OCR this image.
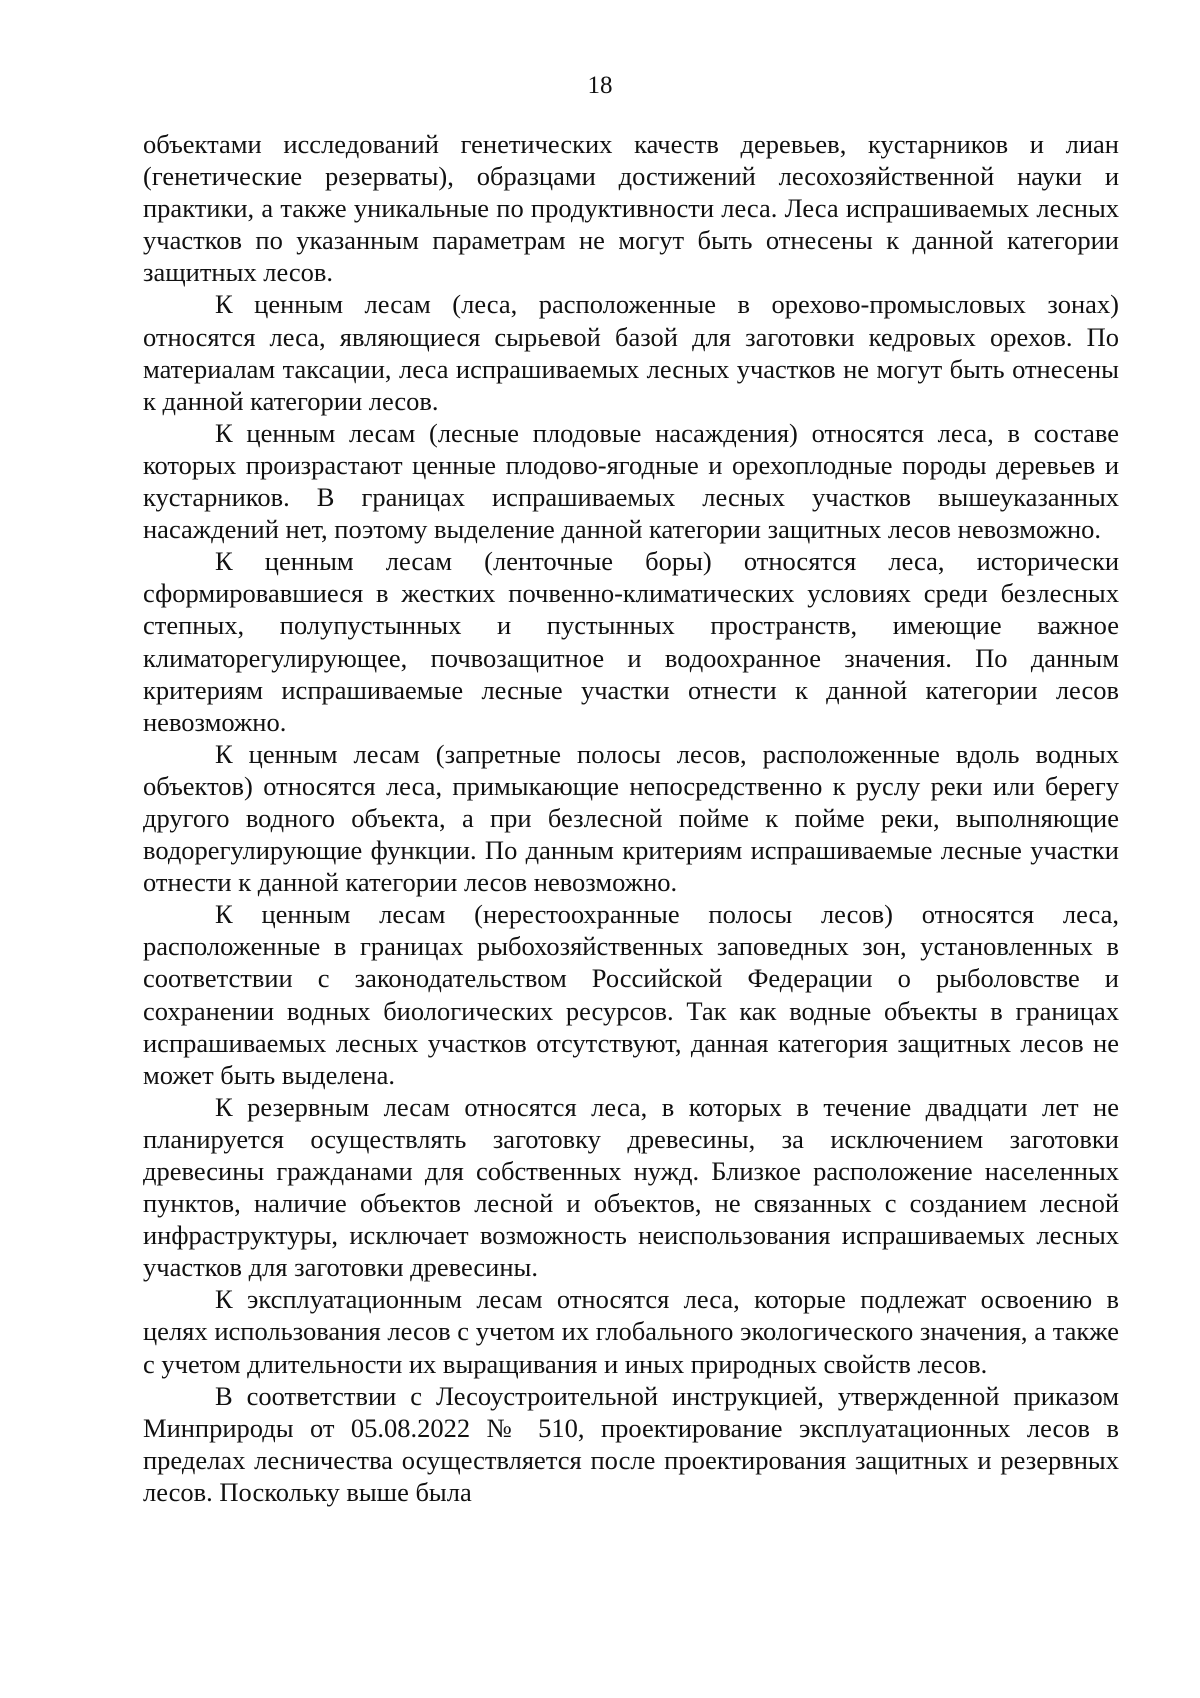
18

объектами исследований генетических качеств деревьев, кустарников и лиан (генетические резерваты), образцами достижений лесохозяйственной науки и практики, а также уникальные по продуктивности леса. Леса испрашиваемых лесных участков по указанным параметрам не могут быть отнесены к данной категории защитных лесов.

К ценным лесам (леса, расположенные в орехово-промысловых зонах) относятся леса, являющиеся сырьевой базой для заготовки кедровых орехов. По материалам таксации, леса испрашиваемых лесных участков не могут быть отнесены к данной категории лесов.

К ценным лесам (лесные плодовые насаждения) относятся леса, в составе которых произрастают ценные плодово-ягодные и орехоплодные породы деревьев и кустарников. В границах испрашиваемых лесных участков вышеуказанных насаждений нет, поэтому выделение данной категории защитных лесов невозможно.

К ценным лесам (ленточные боры) относятся леса, исторически сформировавшиеся в жестких почвенно-климатических условиях среди безлесных степных, полупустынных и пустынных пространств, имеющие важное климаторегулирующее, почвозащитное и водоохранное значения. По данным критериям испрашиваемые лесные участки отнести к данной категории лесов невозможно.

К ценным лесам (запретные полосы лесов, расположенные вдоль водных объектов) относятся леса, примыкающие непосредственно к руслу реки или берегу другого водного объекта, а при безлесной пойме к пойме реки, выполняющие водорегулирующие функции. По данным критериям испрашиваемые лесные участки отнести к данной категории лесов невозможно.

К ценным лесам (нерестоохранные полосы лесов) относятся леса, расположенные в границах рыбохозяйственных заповедных зон, установленных в соответствии с законодательством Российской Федерации о рыболовстве и сохранении водных биологических ресурсов. Так как водные объекты в границах испрашиваемых лесных участков отсутствуют, данная категория защитных лесов не может быть выделена.

К резервным лесам относятся леса, в которых в течение двадцати лет не планируется осуществлять заготовку древесины, за исключением заготовки древесины гражданами для собственных нужд. Близкое расположение населенных пунктов, наличие объектов лесной и объектов, не связанных с созданием лесной инфраструктуры, исключает возможность неиспользования испрашиваемых лесных участков для заготовки древесины.

К эксплуатационным лесам относятся леса, которые подлежат освоению в целях использования лесов с учетом их глобального экологического значения, а также с учетом длительности их выращивания и иных природных свойств лесов.

В соответствии с Лесоустроительной инструкцией, утвержденной приказом Минприроды от 05.08.2022 № 510, проектирование эксплуатационных лесов в пределах лесничества осуществляется после проектирования защитных и резервных лесов. Поскольку выше была
